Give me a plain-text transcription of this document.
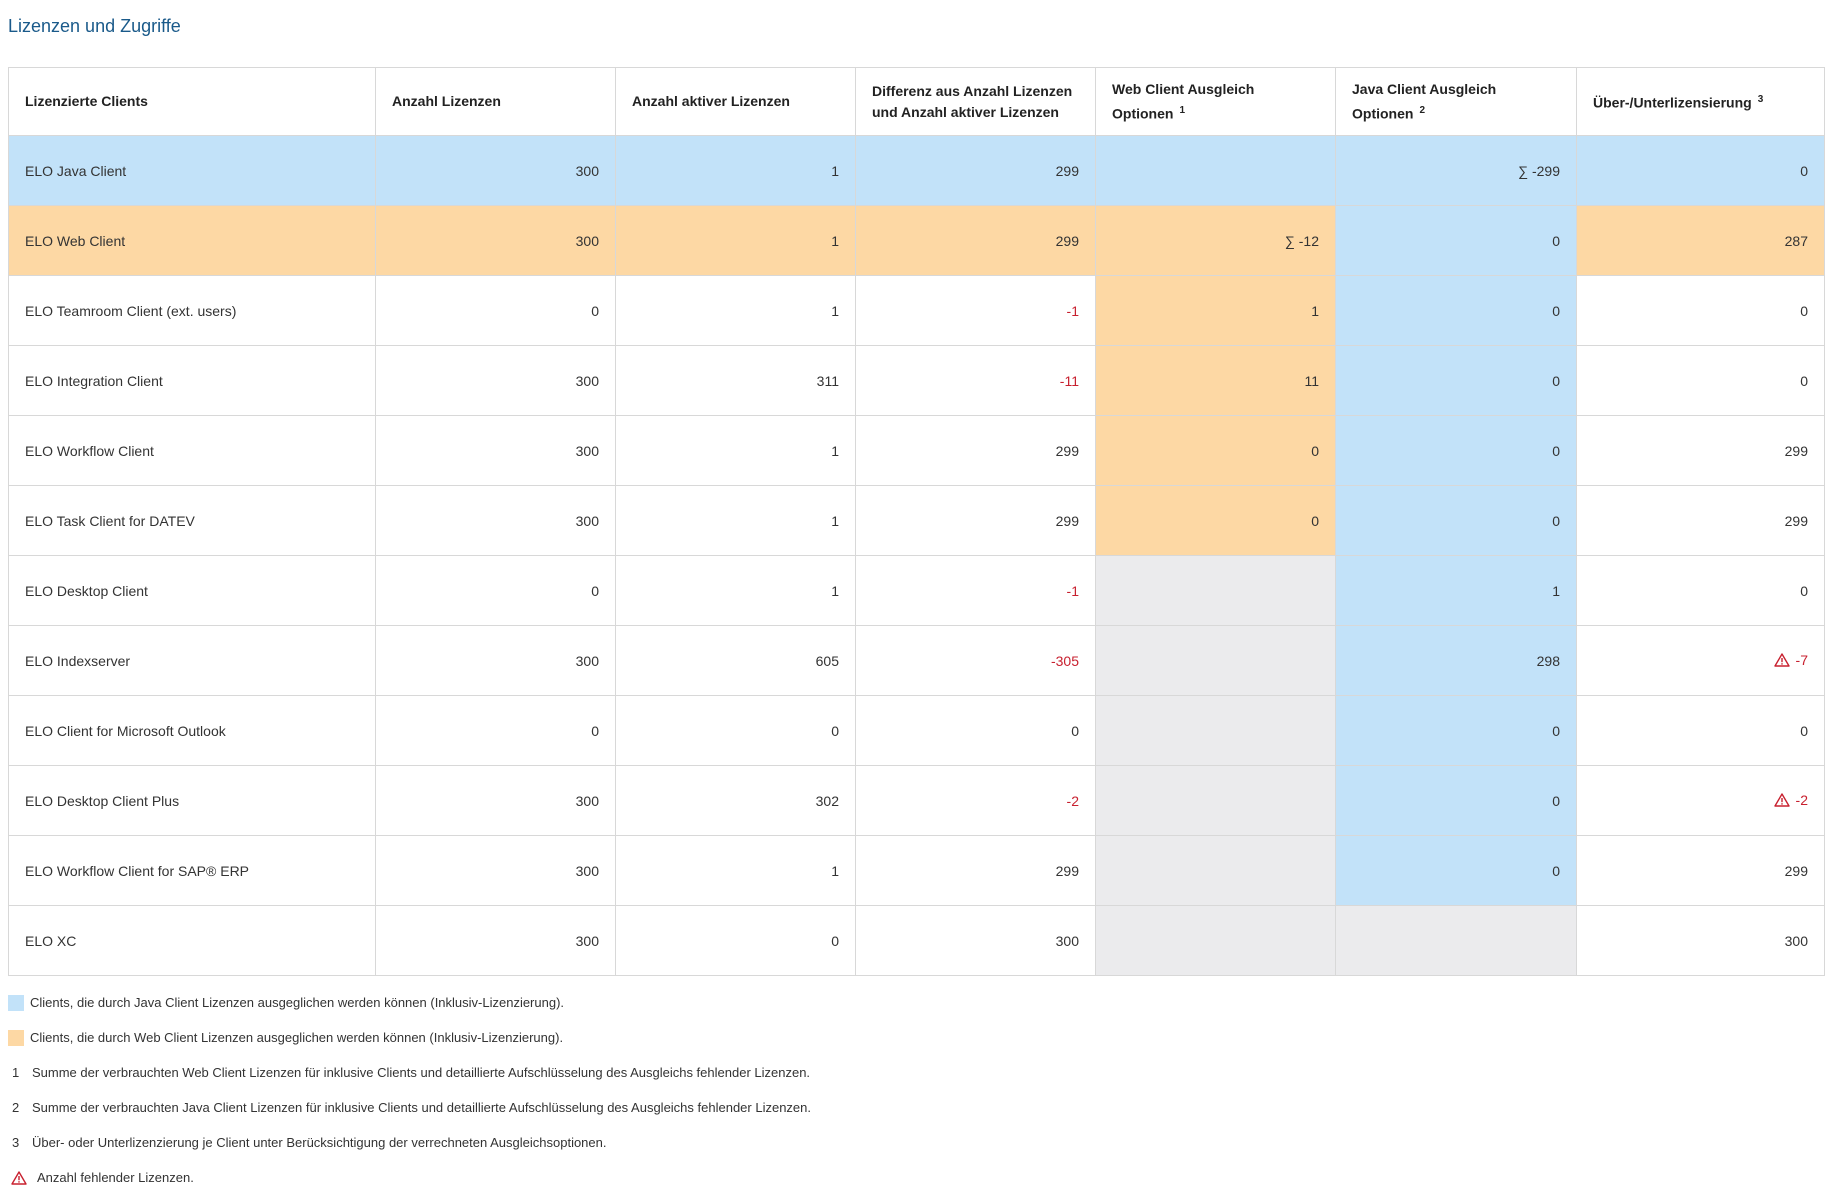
Lizenzen und Zugriffe
Lizenzierte Clients	Anzahl Lizenzen	Anzahl aktiver Lizenzen	Differenz aus Anzahl Lizenzen und Anzahl aktiver Lizenzen	Web Client Ausgleich Optionen $^1$	Java Client Ausgleich Optionen $^2$	Über-/Unterlizensierung $^3$
ELO Java Client	300	1	299		∑ -299	0
ELO Web Client	300	1	299	∑ -12	0	287
ELO Teamroom Client (ext. users)	0	1	-1	1	0	0
ELO Integration Client	300	311	-11	11	0	0
ELO Workflow Client	300	1	299	0	0	299
ELO Task Client for DATEV	300	1	299	0	0	299
ELO Desktop Client	0	1	-1		1	0
ELO Indexserver	300	605	-305		298	-7

ELO Client for Microsoft Outlook	0	0	0		0	0
ELO Desktop Client Plus	300	302	-2		0	-2

ELO Workflow Client for SAP® ERP	300	1	299		0	299
ELO XC	300	0	300			300
Clients, die durch Java Client Lizenzen ausgeglichen werden können (Inklusiv-Lizenzierung).
Clients, die durch Web Client Lizenzen ausgeglichen werden können (Inklusiv-Lizenzierung).
1 Summe der verbrauchten Web Client Lizenzen für inklusive Clients und detaillierte Aufschlüsselung des Ausgleichs fehlender Lizenzen.
2 Summe der verbrauchten Java Client Lizenzen für inklusive Clients und detaillierte Aufschlüsselung des Ausgleichs fehlender Lizenzen.
3 Über- oder Unterlizenzierung je Client unter Berücksichtigung der verrechneten Ausgleichsoptionen.
Anzahl fehlender Lizenzen.
